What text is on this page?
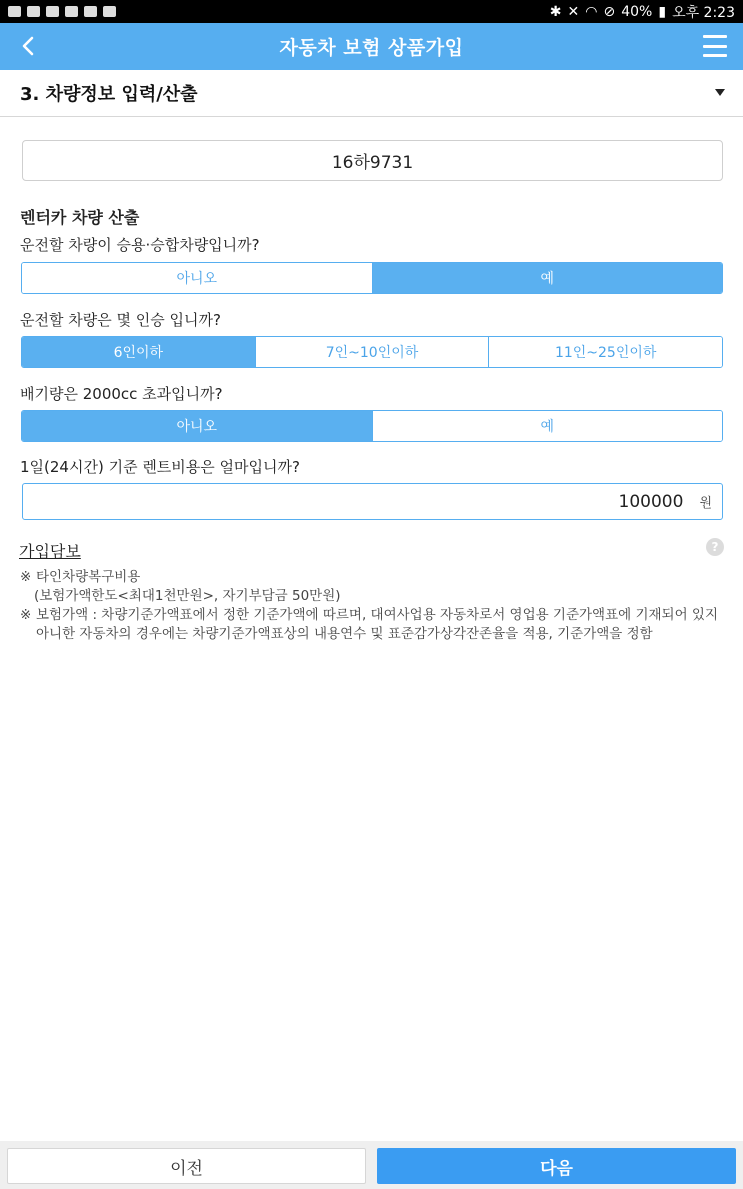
✱ ✕ ◠ ⊘ 40% ▮ 오후 2:23
자동차 보험 상품가입
3. 차량정보 입력/산출
16하9731
렌터카 차량 산출
운전할 차량이 승용·승합차량입니까?
아니오	예
운전할 차량은 몇 인승 입니까?
6인이하	7인~10인이하	11인~25인이하
배기량은 2000cc 초과입니까?
아니오	예
1일(24시간) 기준 렌트비용은 얼마입니까?
100000 원
가입담보	?
※ 타인차량복구비용
(보험가액한도<최대1천만원>, 자기부담금 50만원)
※ 보험가액 : 차량기준가액표에서 정한 기준가액에 따르며, 대여사업용 자동차로서 영업용 기준가액표에 기재되어 있지 아니한 자동차의 경우에는 차량기준가액표상의 내용연수 및 표준감가상각잔존율을 적용, 기준가액을 정함
이전	다음
